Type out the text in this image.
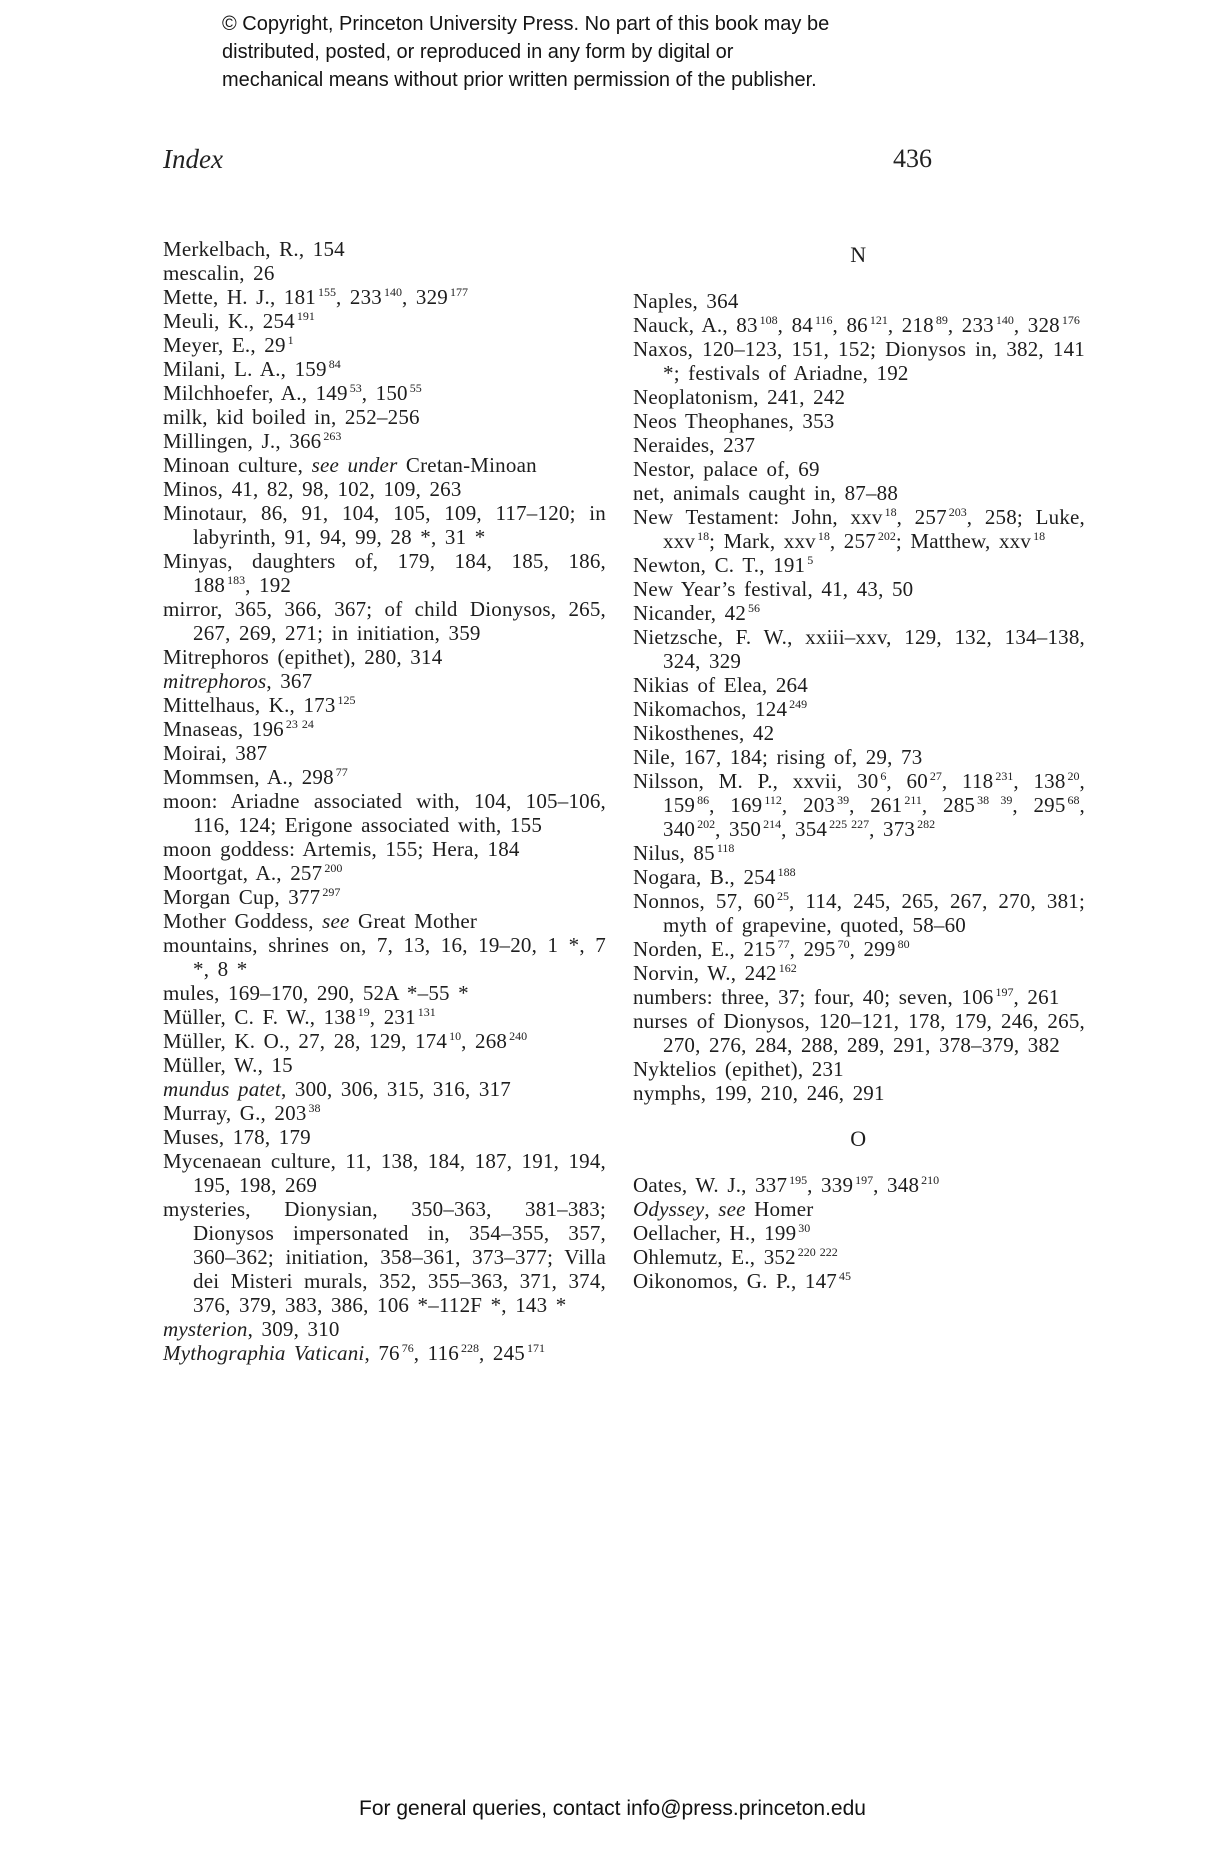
© Copyright, Princeton University Press. No part of this book may be distributed, posted, or reproduced in any form by digital or mechanical means without prior written permission of the publisher.
Index	436
Merkelbach, R., 154
mescalin, 26
Mette, H. J., 181 $^{155}$, 233 $^{140}$, 329 $^{177}$
Meuli, K., 254 $^{191}$
Meyer, E., 29 $^1$
Milani, L. A., 159 $^{84}$
Milchhoefer, A., 149 $^{53}$, 150 $^{55}$
milk, kid boiled in, 252–256
Millingen, J., 366 $^{263}$
Minoan culture, see under Cretan-Minoan
Minos, 41, 82, 98, 102, 109, 263
Minotaur, 86, 91, 104, 105, 109, 117–120; in labyrinth, 91, 94, 99, 28 *, 31 *
Minyas, daughters of, 179, 184, 185, 186, 188 $^{183}$, 192
mirror, 365, 366, 367; of child Dionysos, 265, 267, 269, 271; in initiation, 359
Mitrephoros (epithet), 280, 314
mitrephoros, 367
Mittelhaus, K., 173 $^{125}$
Mnaseas, 196 $^{23 24}$
Moirai, 387
Mommsen, A., 298 $^{77}$
moon: Ariadne associated with, 104, 105–106, 116, 124; Erigone associated with, 155
moon goddess: Artemis, 155; Hera, 184
Moortgat, A., 257 $^{200}$
Morgan Cup, 377 $^{297}$
Mother Goddess, see Great Mother
mountains, shrines on, 7, 13, 16, 19–20, 1 *, 7 *, 8 *
mules, 169–170, 290, 52A *–55 *
Müller, C. F. W., 138 $^{19}$, 231 $^{131}$
Müller, K. O., 27, 28, 129, 174 $^{10}$, 268 $^{240}$
Müller, W., 15
mundus patet, 300, 306, 315, 316, 317
Murray, G., 203 $^{38}$
Muses, 178, 179
Mycenaean culture, 11, 138, 184, 187, 191, 194, 195, 198, 269
mysteries, Dionysian, 350–363, 381–383; Dionysos impersonated in, 354–355, 357, 360–362; initiation, 358–361, 373–377; Villa dei Misteri murals, 352, 355–363, 371, 374, 376, 379, 383, 386, 106 *–112F *, 143 *
mysterion, 309, 310
Mythographia Vaticani, 76 $^{76}$, 116 $^{228}$, 245 $^{171}$
N
Naples, 364
Nauck, A., 83 $^{108}$, 84 $^{116}$, 86 $^{121}$, 218 $^{89}$, 233 $^{140}$, 328 $^{176}$
Naxos, 120–123, 151, 152; Dionysos in, 382, 141 *; festivals of Ariadne, 192
Neoplatonism, 241, 242
Neos Theophanes, 353
Neraides, 237
Nestor, palace of, 69
net, animals caught in, 87–88
New Testament: John, xxv $^{18}$, 257 $^{203}$, 258; Luke, xxv $^{18}$; Mark, xxv $^{18}$, 257 $^{202}$; Matthew, xxv $^{18}$
Newton, C. T., 191 $^5$
New Year’s festival, 41, 43, 50
Nicander, 42 $^{56}$
Nietzsche, F. W., xxiii–xxv, 129, 132, 134–138, 324, 329
Nikias of Elea, 264
Nikomachos, 124 $^{249}$
Nikosthenes, 42
Nile, 167, 184; rising of, 29, 73
Nilsson, M. P., xxvii, 30 $^6$, 60 $^{27}$, 118 $^{231}$, 138 $^{20}$, 159 $^{86}$, 169 $^{112}$, 203 $^{39}$, 261 $^{211}$, 285 $^{38 39}$, 295 $^{68}$, 340 $^{202}$, 350 $^{214}$, 354 $^{225 227}$, 373 $^{282}$
Nilus, 85 $^{118}$
Nogara, B., 254 $^{188}$
Nonnos, 57, 60 $^{25}$, 114, 245, 265, 267, 270, 381; myth of grapevine, quoted, 58–60
Norden, E., 215 $^{77}$, 295 $^{70}$, 299 $^{80}$
Norvin, W., 242 $^{162}$
numbers: three, 37; four, 40; seven, 106 $^{197}$, 261
nurses of Dionysos, 120–121, 178, 179, 246, 265, 270, 276, 284, 288, 289, 291, 378–379, 382
Nyktelios (epithet), 231
nymphs, 199, 210, 246, 291
O
Oates, W. J., 337 $^{195}$, 339 $^{197}$, 348 $^{210}$
Odyssey, see Homer
Oellacher, H., 199 $^{30}$
Ohlemutz, E., 352 $^{220 222}$
Oikonomos, G. P., 147 $^{45}$
For general queries, contact info@press.princeton.edu
